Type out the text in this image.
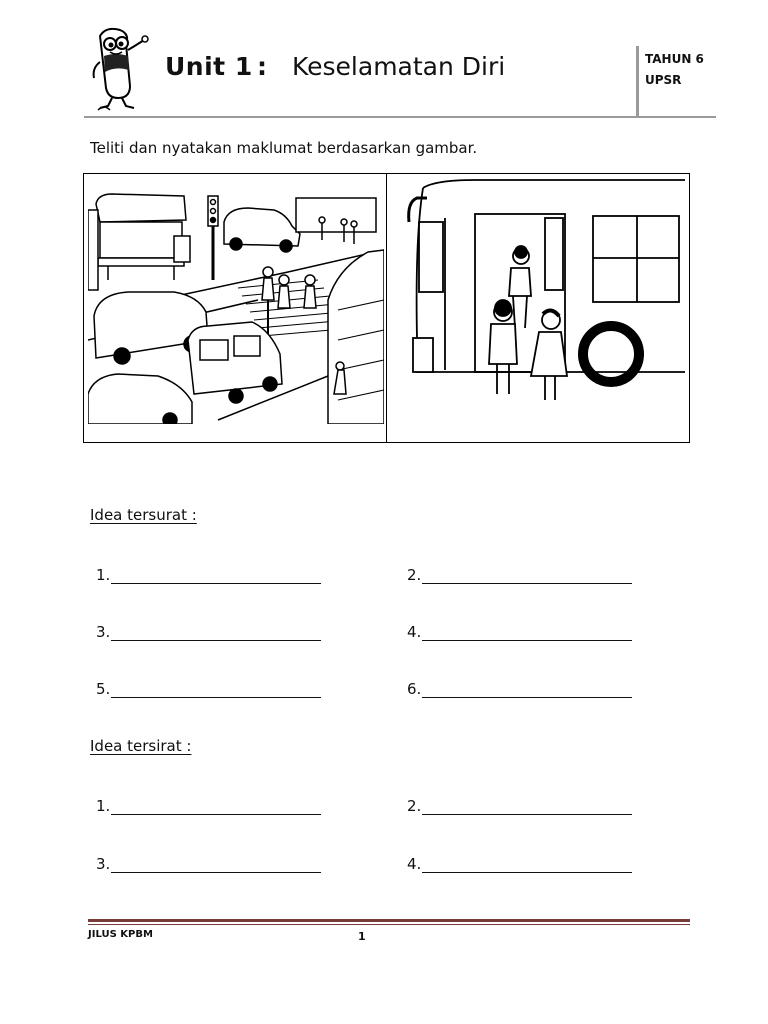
Unit 1 : Keselamatan Diri	TAHUN 6
UPSR
Teliti dan nyatakan maklumat berdasarkan gambar.
Idea tersurat :
1.	2.
3.	4.
5.	6.
Idea tersirat :
1.	2.
3.	4.
JILUS KPBM	1
